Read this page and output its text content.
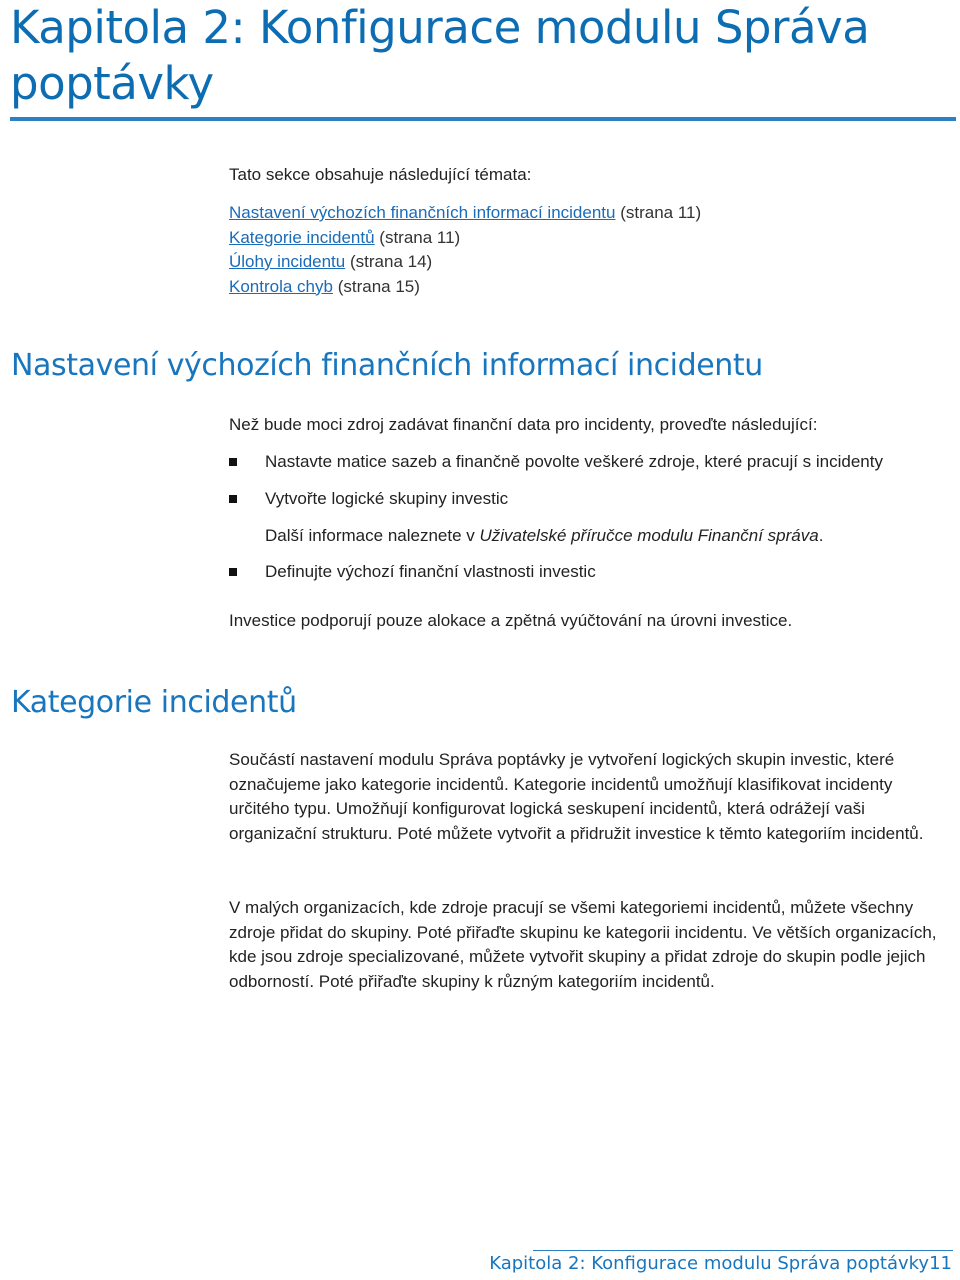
Kapitola 2: Konfigurace modulu Správa poptávky

Tato sekce obsahuje následující témata:

Nastavení výchozích finančních informací incidentu (strana 11)
Kategorie incidentů (strana 11)
Úlohy incidentu (strana 14)
Kontrola chyb (strana 15)
Nastavení výchozích finančních informací incidentu

Než bude moci zdroj zadávat finanční data pro incidenty, proveďte následující:

Nastavte matice sazeb a finančně povolte veškeré zdroje, které pracují s incidenty
Vytvořte logické skupiny investic

Další informace naleznete v Uživatelské příručce modulu Finanční správa.

Definujte výchozí finanční vlastnosti investic

Investice podporují pouze alokace a zpětná vyúčtování na úrovni investice.

Kategorie incidentů

Součástí nastavení modulu Správa poptávky je vytvoření logických skupin investic, které označujeme jako kategorie incidentů. Kategorie incidentů umožňují klasifikovat incidenty určitého typu. Umožňují konfigurovat logická seskupení incidentů, která odrážejí vaši organizační strukturu. Poté můžete vytvořit a přidružit investice k těmto kategoriím incidentů.

V malých organizacích, kde zdroje pracují se všemi kategoriemi incidentů, můžete všechny zdroje přidat do skupiny. Poté přiřaďte skupinu ke kategorii incidentu. Ve větších organizacích, kde jsou zdroje specializované, můžete vytvořit skupiny a přidat zdroje do skupin podle jejich odborností. Poté přiřaďte skupiny k různým kategoriím incidentů.

Kapitola 2: Konfigurace modulu Správa poptávky11
